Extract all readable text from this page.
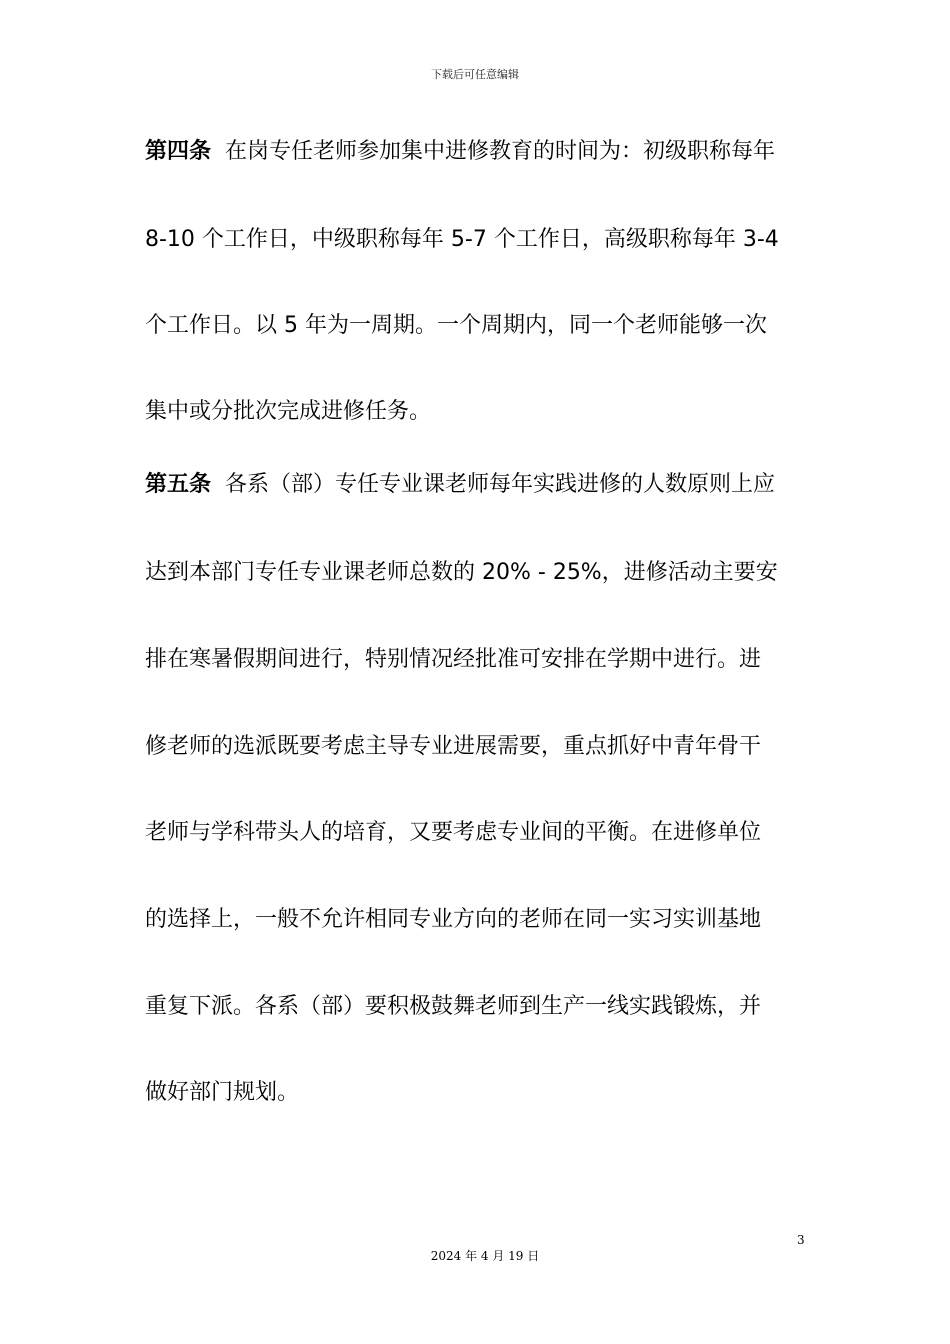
下载后可任意编辑
第四条 在岗专任老师参加集中进修教育的时间为：初级职称每年
8-10 个工作日，中级职称每年 5-7 个工作日，高级职称每年 3-4
个工作日。以 5 年为一周期。一个周期内，同一个老师能够一次
集中或分批次完成进修任务。
第五条 各系（部）专任专业课老师每年实践进修的人数原则上应
达到本部门专任专业课老师总数的 20% - 25%，进修活动主要安
排在寒暑假期间进行，特别情况经批准可安排在学期中进行。进
修老师的选派既要考虑主导专业进展需要，重点抓好中青年骨干
老师与学科带头人的培育，又要考虑专业间的平衡。在进修单位
的选择上，一般不允许相同专业方向的老师在同一实习实训基地
重复下派。各系（部）要积极鼓舞老师到生产一线实践锻炼，并
做好部门规划。
3
2024 年 4 月 19 日
